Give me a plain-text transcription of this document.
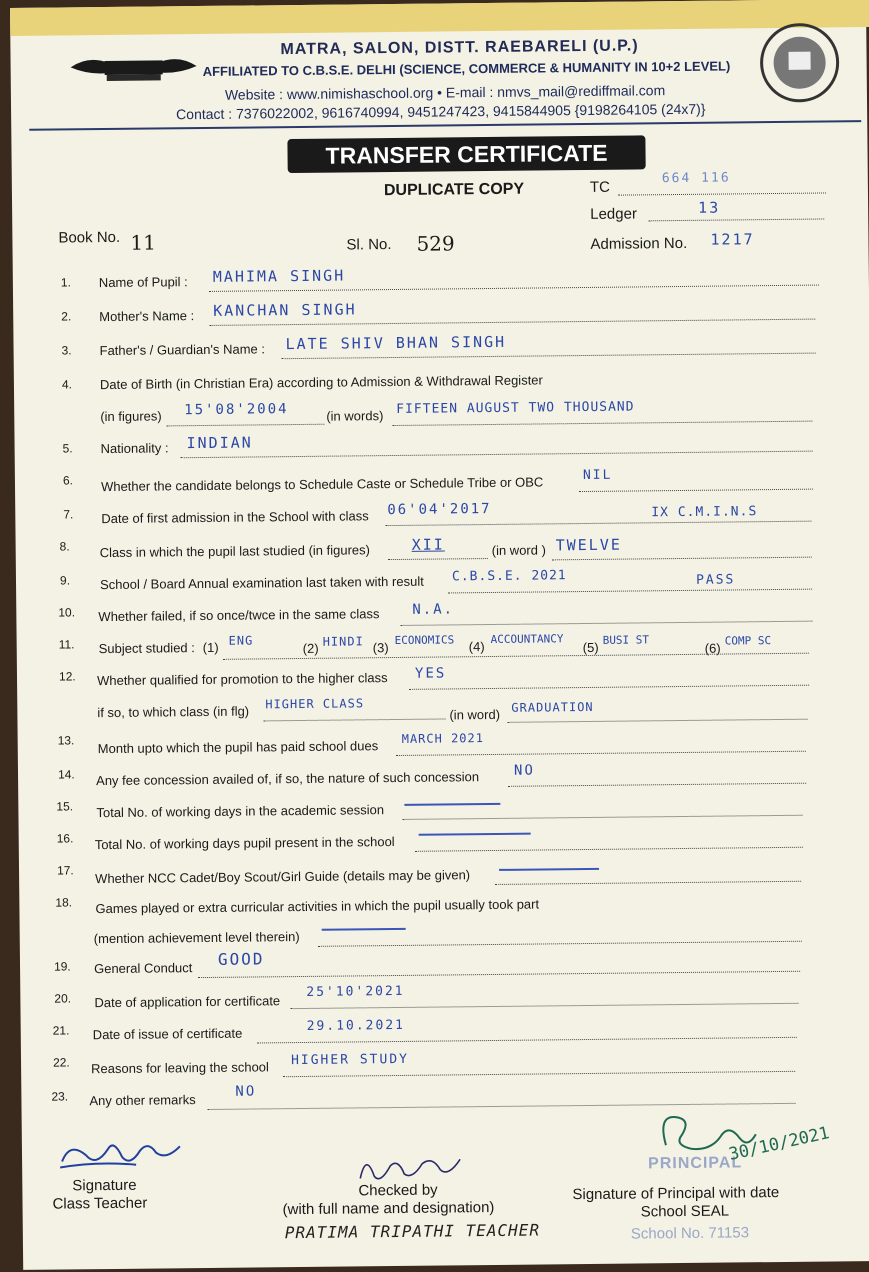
MATRA, SALON, DISTT. RAEBARELI (U.P.)
AFFILIATED TO C.B.S.E. DELHI (SCIENCE, COMMERCE & HUMANITY IN 10+2 LEVEL)
Website : www.nimishaschool.org • E-mail : nmvs_mail@rediffmail.com
Contact : 7376022002, 9616740994, 9451247423, 9415844905 {9198264105 (24x7)}
TRANSFER CERTIFICATE
DUPLICATE COPY	TC
664 116
Ledger	13
Book No. 11	Sl. No. 529	Admission No. 1217
1. Name of Pupil : MAHIMA SINGH
2. Mother's Name : KANCHAN SINGH
3. Father's / Guardian's Name : LATE SHIV BHAN SINGH
4. Date of Birth (in Christian Era) according to Admission & Withdrawal Register
(in figures) 15'08'2004	(in words) FIFTEEN AUGUST TWO THOUSAND
5. Nationality : INDIAN
6. Whether the candidate belongs to Schedule Caste or Schedule Tribe or OBC	NIL
7. Date of first admission in the School with class 06'04'2017	IX C.M.I.N.S
8. Class in which the pupil last studied (in figures)	XII	(in word ) TWELVE
9. School / Board Annual examination last taken with result C.B.S.E. 2021	PASS
10. Whether failed, if so once/twce in the same class N.A.
11. Subject studied : (1) ENG
(2) HINDI (3) ECONOMICS (4) ACCOUNTANCY
(5) BUSI ST
(6) COMP SC
12. Whether qualified for promotion to the higher class YES
if so, to which class (in flg) HIGHER CLASS
(in word) GRADUATION
13. Month upto which the pupil has paid school dues MARCH 2021
14. Any fee concession availed of, if so, the nature of such concession NO
15. Total No. of working days in the academic session
16. Total No. of working days pupil present in the school
17. Whether NCC Cadet/Boy Scout/Girl Guide (details may be given)
18. Games played or extra curricular activities in which the pupil usually took part
(mention achievement level therein)
19. General Conduct GOOD
20. Date of application for certificate
25'10'2021
21. Date of issue of certificate	29.10.2021
22. Reasons for leaving the school HIGHER STUDY
23. Any other remarks
NO
Signature
Class Teacher
Checked by
(with full name and designation)
PRATIMA TRIPATHI TEACHER
PRINCIPAL
30/10/2021
Signature of Principal with date
School SEAL
School No. 71153
